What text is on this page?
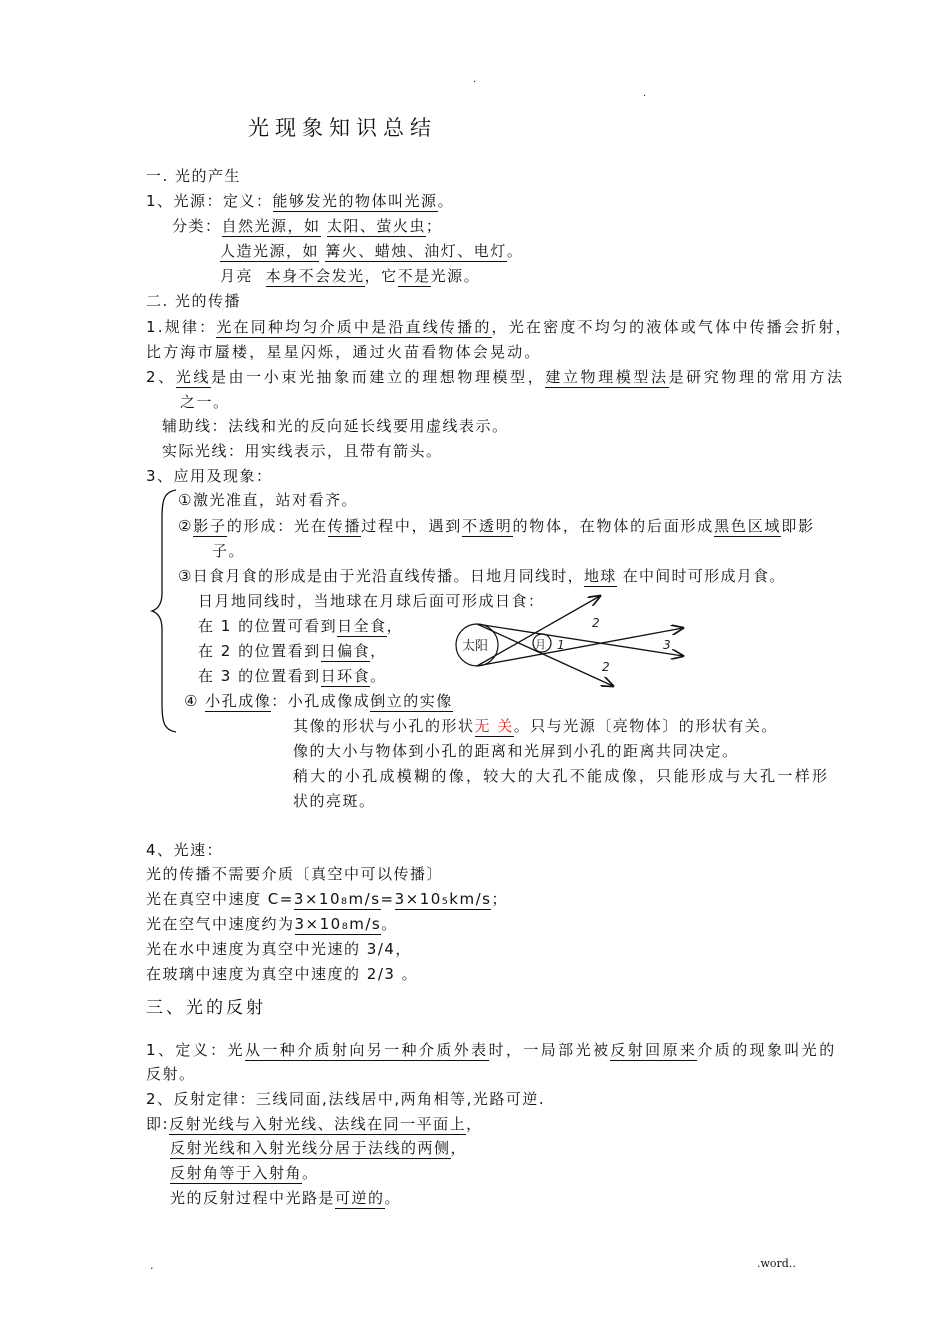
.
.
光现象知识总结
一. 光的产生
1、光源：定义：能够发光的物体叫光源。
分类：自然光源，如 太阳、萤火虫；
人造光源，如 篝火、蜡烛、油灯、电灯。
月亮 本身不会发光，它不是光源。
二. 光的传播
1.规律：光在同种均匀介质中是沿直线传播的，光在密度不均匀的液体或气体中传播会折射，
比方海市蜃楼，星星闪烁，通过火苗看物体会晃动。
2、光线是由一小束光抽象而建立的理想物理模型，建立物理模型法是研究物理的常用方法
之一。
辅助线：法线和光的反向延长线要用虚线表示。
实际光线：用实线表示，且带有箭头。
3、应用及现象：
①激光准直，站对看齐。
②影子的形成：光在传播过程中，遇到不透明的物体，在物体的后面形成黑色区域即影
子。
③日食月食的形成是由于光沿直线传播。日地月同线时，地球 在中间时可形成月食。
日月地同线时，当地球在月球后面可形成日食：
在 1 的位置可看到日全食，
在 2 的位置看到日偏食，
在 3 的位置看到日环食。
太阳	月 1
2
2
3
④ 小孔成像：小孔成像成倒立的实像
其像的形状与小孔的形状无 关。只与光源〔亮物体〕的形状有关。
像的大小与物体到小孔的距离和光屏到小孔的距离共同决定。
稍大的小孔成模糊的像，较大的大孔不能成像，只能形成与大孔一样形
状的亮斑。
4、光速：
光的传播不需要介质〔真空中可以传播〕
光在真空中速度 C=3×10₈m/s=3×10₅km/s；
光在空气中速度约为3×10₈m/s。
光在水中速度为真空中光速的 3/4，
在玻璃中速度为真空中速度的 2/3 。
三、光的反射
1、定义：光从一种介质射向另一种介质外表时，一局部光被反射回原来介质的现象叫光的
反射。
2、反射定律：三线同面,法线居中,两角相等,光路可逆.
即:反射光线与入射光线、法线在同一平面上，
反射光线和入射光线分居于法线的两侧，
反射角等于入射角。
光的反射过程中光路是可逆的。
.	.word..
